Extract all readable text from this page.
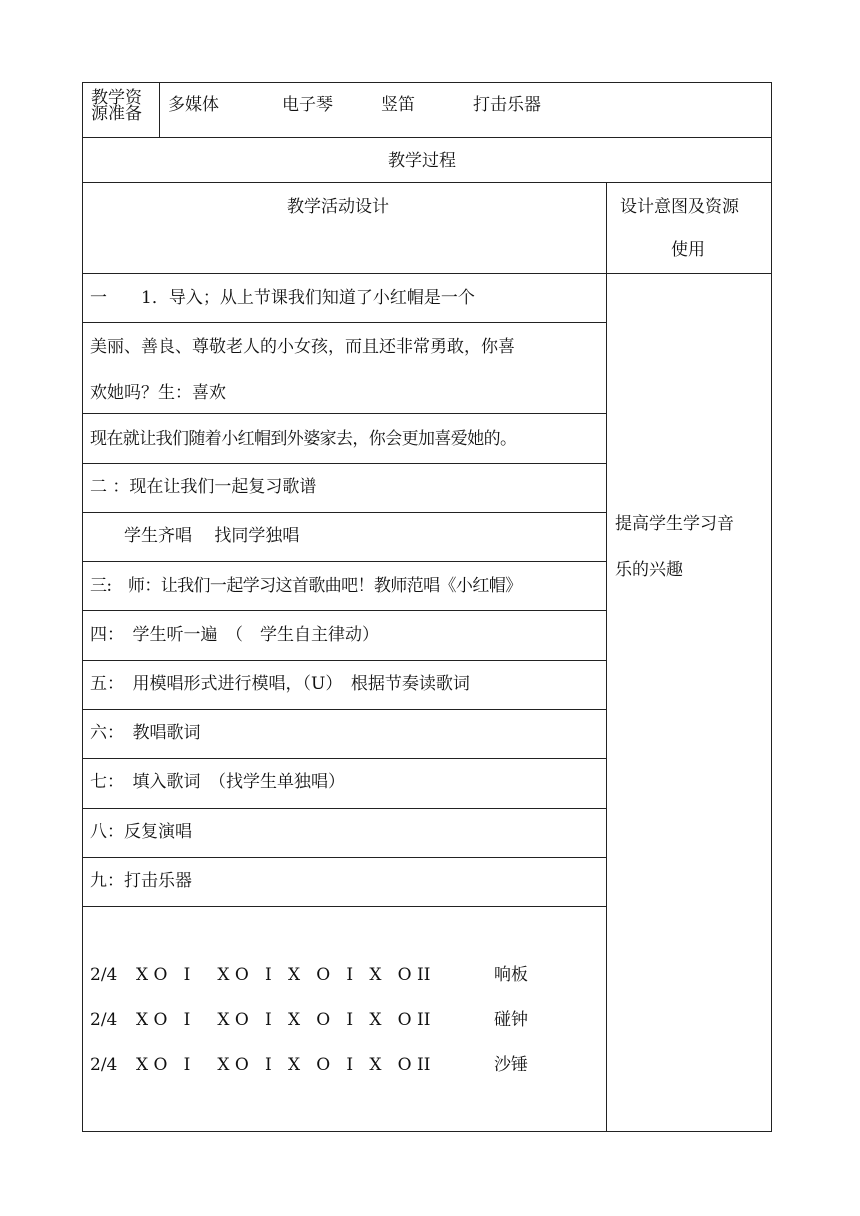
教学资
源准备 多媒体	电子琴	竖笛	打击乐器
教学过程
教学活动设计	设计意图及资源
使用
一　　1．导入；从上节课我们知道了小红帽是一个
美丽、善良、尊敬老人的小女孩，而且还非常勇敢，你喜
欢她吗？生：喜欢
现在就让我们随着小红帽到外婆家去，你会更加喜爱她的。
二 ：现在让我们一起复习歌谱
　　学生齐唱　 找同学独唱
三:　师：让我们一起学习这首歌曲吧！教师范唱《小红帽》
四：　学生听一遍　（　学生自主律动）
五：　用模唱形式进行模唱，（U）　根据节奏读歌词
六：　教唱歌词
七：　填入歌词　（找学生单独唱）
八：反复演唱
九：打击乐器
2/4 X O   I     X O   I   X   O   I   X   O II	响板
2/4 X O   I     X O   I   X   O   I   X   O II	碰钟
2/4 X O   I     X O   I   X   O   I   X   O II	沙锤
提高学生学习音
乐的兴趣
